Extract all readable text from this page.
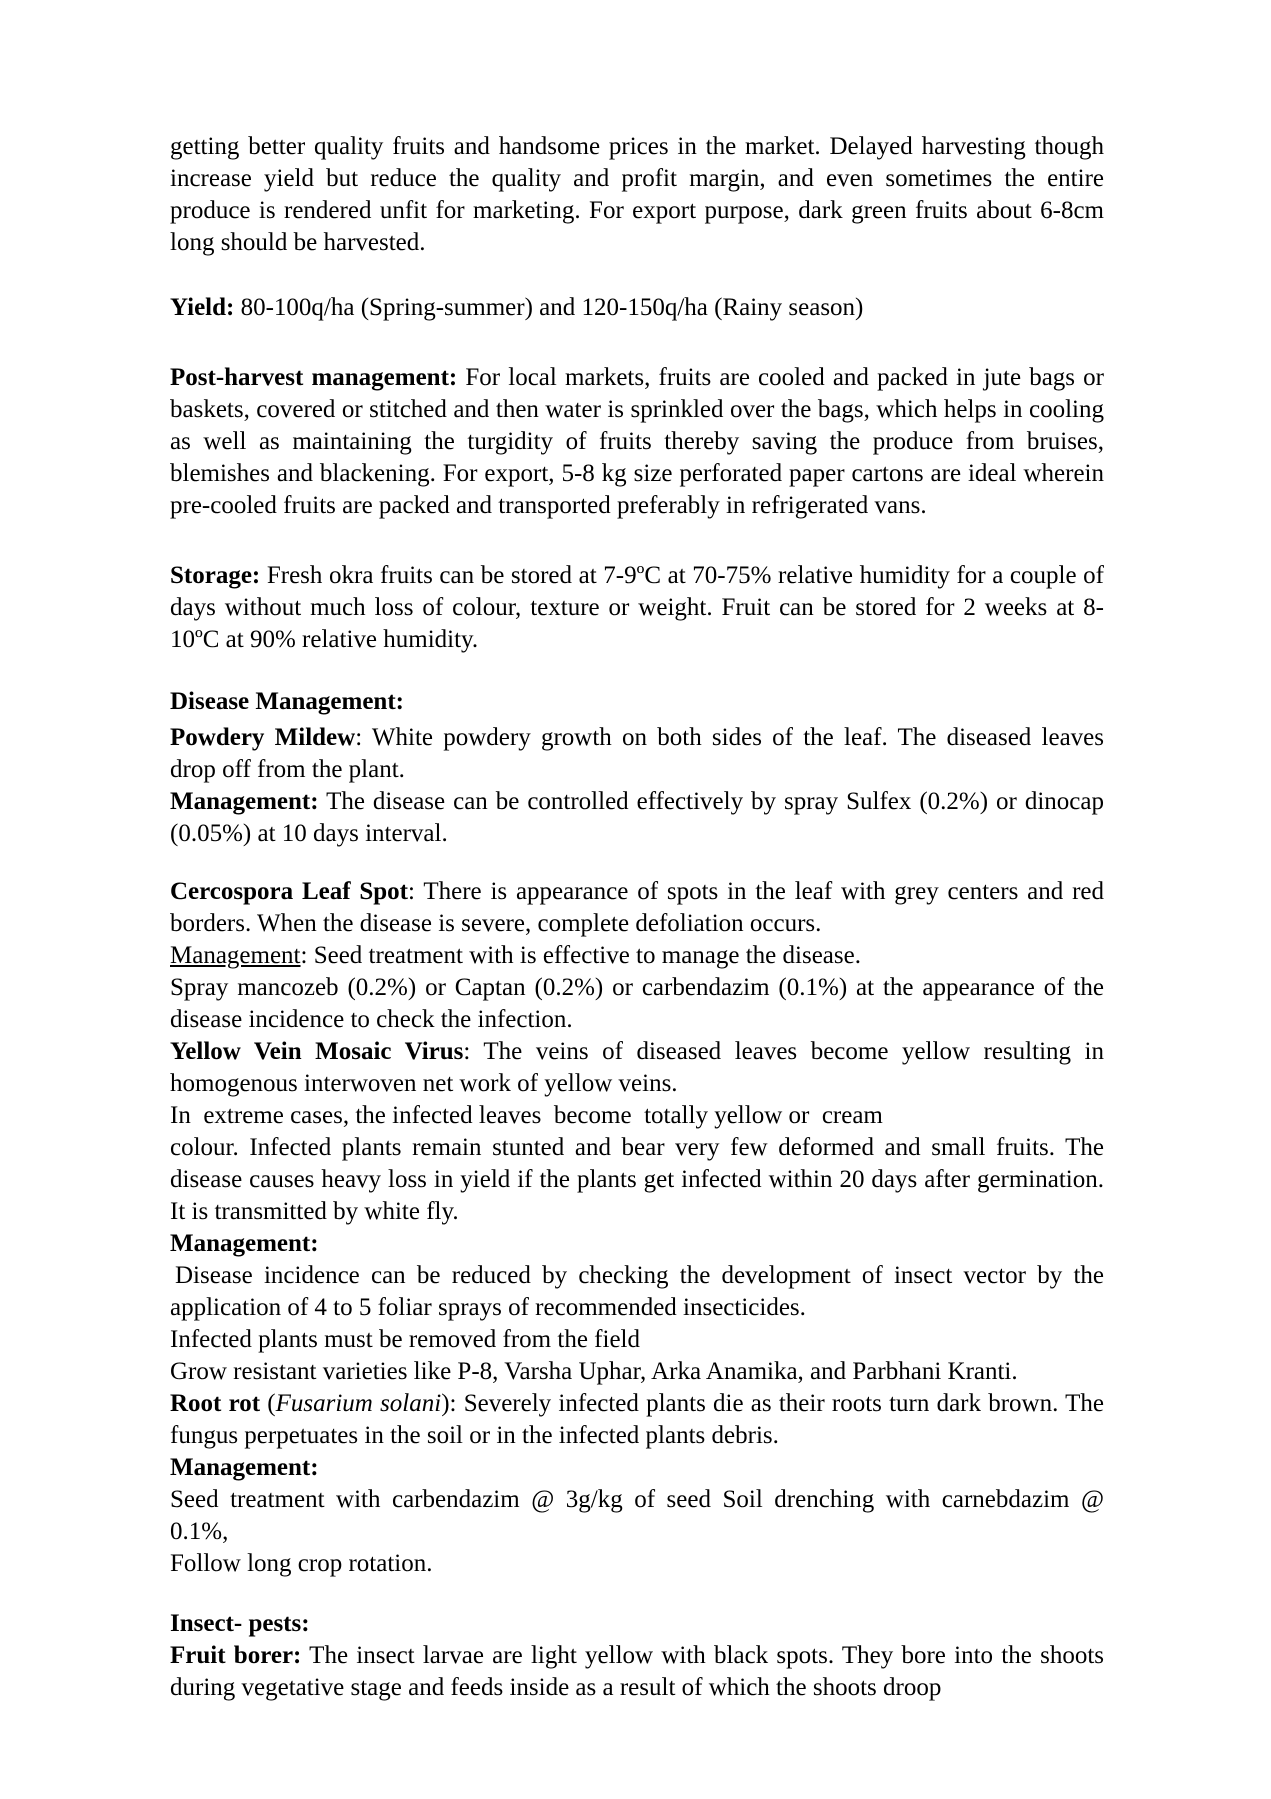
getting better quality fruits and handsome prices in the market. Delayed harvesting though increase yield but reduce the quality and profit margin, and even sometimes the entire produce is rendered unfit for marketing. For export purpose, dark green fruits about 6-8cm long should be harvested.

Yield: 80-100q/ha (Spring-summer) and 120-150q/ha (Rainy season)

Post-harvest management: For local markets, fruits are cooled and packed in jute bags or baskets, covered or stitched and then water is sprinkled over the bags, which helps in cooling as well as maintaining the turgidity of fruits thereby saving the produce from bruises, blemishes and blackening. For export, 5-8 kg size perforated paper cartons are ideal wherein pre-cooled fruits are packed and transported preferably in refrigerated vans.

Storage: Fresh okra fruits can be stored at 7-9ºC at 70-75% relative humidity for a couple of days without much loss of colour, texture or weight. Fruit can be stored for 2 weeks at 8-10ºC at 90% relative humidity.

Disease Management:

Powdery Mildew: White powdery growth on both sides of the leaf. The diseased leaves drop off from the plant.

Management: The disease can be controlled effectively by spray Sulfex (0.2%) or dinocap (0.05%) at 10 days interval.

Cercospora Leaf Spot: There is appearance of spots in the leaf with grey centers and red borders. When the disease is severe, complete defoliation occurs.

Management: Seed treatment with is effective to manage the disease.

Spray mancozeb (0.2%) or Captan (0.2%) or carbendazim (0.1%) at the appearance of the disease incidence to check the infection.

Yellow Vein Mosaic Virus: The veins of diseased leaves become yellow resulting in homogenous interwoven net work of yellow veins.

In  extreme cases, the infected leaves  become  totally yellow or  cream

colour. Infected plants remain stunted and bear very few deformed and small fruits. The disease causes heavy loss in yield if the plants get infected within 20 days after germination. It is transmitted by white fly.

Management:

Disease incidence can be reduced by checking the development of insect vector by the application of 4 to 5 foliar sprays of recommended insecticides.

Infected plants must be removed from the field

Grow resistant varieties like P-8, Varsha Uphar, Arka Anamika, and Parbhani Kranti.

Root rot (Fusarium solani): Severely infected plants die as their roots turn dark brown. The fungus perpetuates in the soil or in the infected plants debris.

Management:

Seed treatment with carbendazim @ 3g/kg of seed Soil drenching with carnebdazim @

0.1%,

Follow long crop rotation.

Insect- pests:

Fruit borer: The insect larvae are light yellow with black spots. They bore into the shoots during vegetative stage and feeds inside as a result of which the shoots droop
